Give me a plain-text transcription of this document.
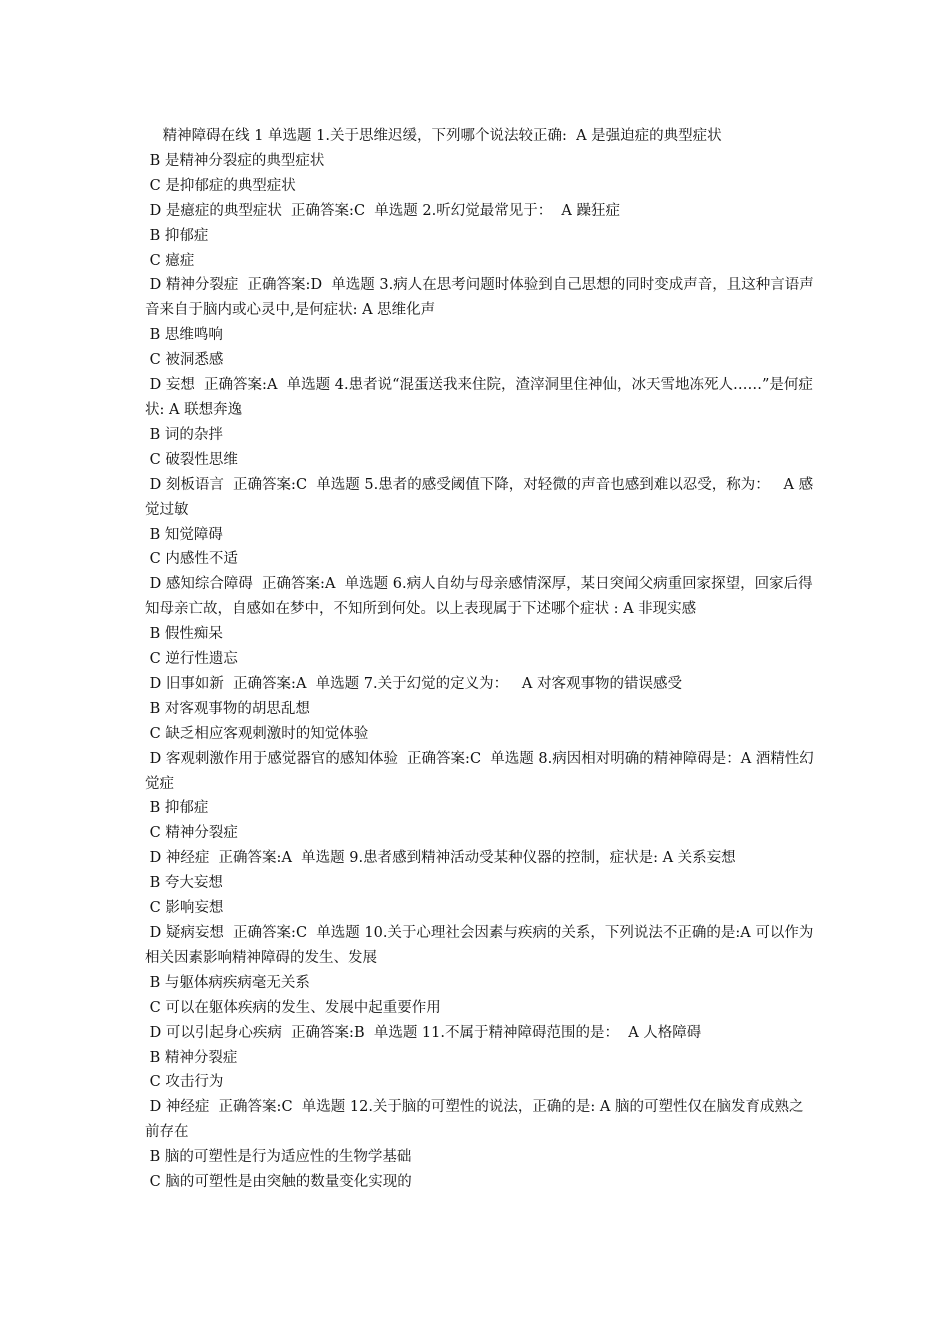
精神障碍在线 1 单选题 1.关于思维迟缓，下列哪个说法较正确:  A 是强迫症的典型症状

B 是精神分裂症的典型症状

C 是抑郁症的典型症状

D 是癔症的典型症状  正确答案:C  单选题 2.听幻觉最常见于：  A 躁狂症

B 抑郁症

C 癔症

D 精神分裂症  正确答案:D  单选题 3.病人在思考问题时体验到自己思想的同时变成声音，且这种言语声音来自于脑内或心灵中,是何症状: A 思维化声

B 思维鸣响

C 被洞悉感

D 妄想  正确答案:A  单选题 4.患者说“混蛋送我来住院，渣滓洞里住神仙，冰天雪地冻死人……”是何症状: A 联想奔逸

B 词的杂拌

C 破裂性思维

D 刻板语言  正确答案:C  单选题 5.患者的感受阈值下降，对轻微的声音也感到难以忍受，称为：   A 感觉过敏

B 知觉障碍

C 内感性不适

D 感知综合障碍  正确答案:A  单选题 6.病人自幼与母亲感情深厚，某日突闻父病重回家探望，回家后得知母亲亡故，自感如在梦中，不知所到何处。以上表现属于下述哪个症状 : A 非现实感

B 假性痴呆

C 逆行性遗忘

D 旧事如新  正确答案:A  单选题 7.关于幻觉的定义为：   A 对客观事物的错误感受

B 对客观事物的胡思乱想

C 缺乏相应客观刺激时的知觉体验

D 客观刺激作用于感觉器官的感知体验  正确答案:C  单选题 8.病因相对明确的精神障碍是：A 酒精性幻觉症

B 抑郁症

C 精神分裂症

D 神经症  正确答案:A  单选题 9.患者感到精神活动受某种仪器的控制，症状是: A 关系妄想

B 夸大妄想

C 影响妄想

D 疑病妄想  正确答案:C  单选题 10.关于心理社会因素与疾病的关系，下列说法不正确的是:A 可以作为相关因素影响精神障碍的发生、发展

B 与躯体病疾病毫无关系

C 可以在躯体疾病的发生、发展中起重要作用

D 可以引起身心疾病  正确答案:B  单选题 11.不属于精神障碍范围的是：  A 人格障碍

B 精神分裂症

C 攻击行为

D 神经症  正确答案:C  单选题 12.关于脑的可塑性的说法，正确的是: A 脑的可塑性仅在脑发育成熟之前存在

B 脑的可塑性是行为适应性的生物学基础

C 脑的可塑性是由突触的数量变化实现的
